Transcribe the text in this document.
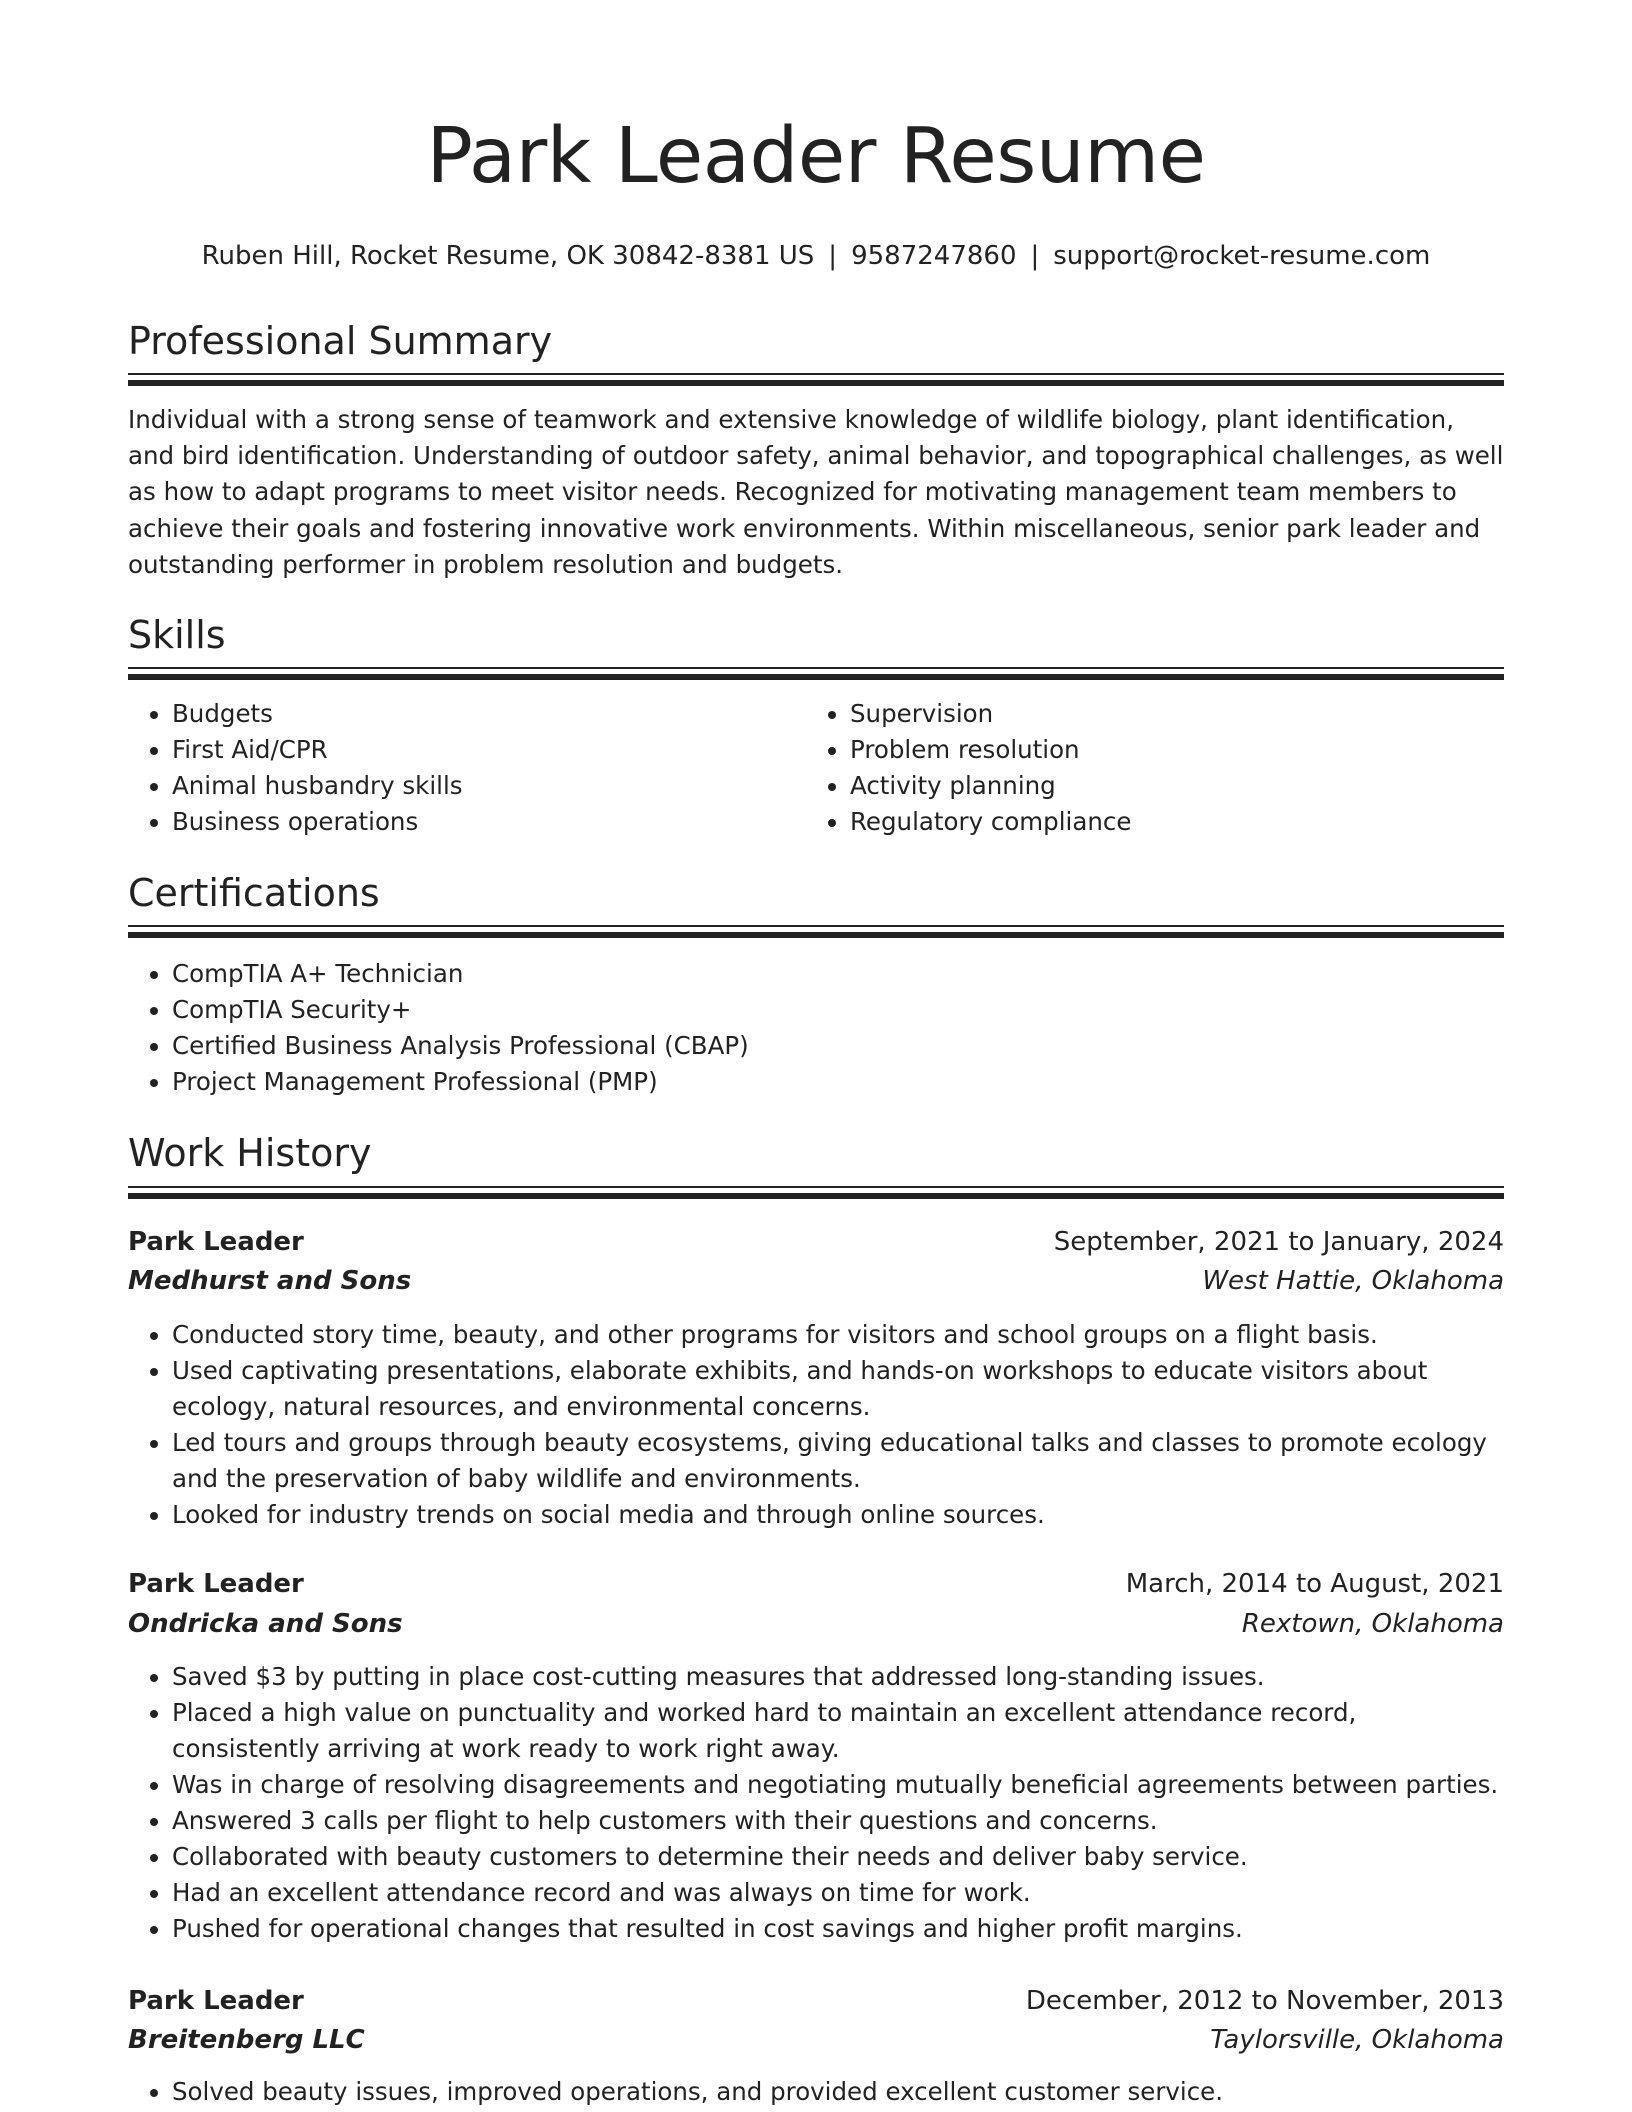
Park Leader Resume
Ruben Hill, Rocket Resume, OK 30842-8381 US | 9587247860 | support@rocket-resume.com
Professional Summary

Individual with a strong sense of teamwork and extensive knowledge of wildlife biology, plant identification, and bird identification. Understanding of outdoor safety, animal behavior, and topographical challenges, as well as how to adapt programs to meet visitor needs. Recognized for motivating management team members to achieve their goals and fostering innovative work environments. Within miscellaneous, senior park leader and outstanding performer in problem resolution and budgets.

Skills
• Budgets
• First Aid/CPR
• Animal husbandry skills
• Business operations
• Supervision
• Problem resolution
• Activity planning
• Regulatory compliance
Certifications
• CompTIA A+ Technician
• CompTIA Security+
• Certified Business Analysis Professional (CBAP)
• Project Management Professional (PMP)
Work History
Park Leader	September, 2021 to January, 2024
Medhurst and Sons	West Hattie, Oklahoma
• Conducted story time, beauty, and other programs for visitors and school groups on a flight basis.
• Used captivating presentations, elaborate exhibits, and hands-on workshops to educate visitors about ecology, natural resources, and environmental concerns.
• Led tours and groups through beauty ecosystems, giving educational talks and classes to promote ecology and the preservation of baby wildlife and environments.
• Looked for industry trends on social media and through online sources.
Park Leader	March, 2014 to August, 2021
Ondricka and Sons	Rextown, Oklahoma
• Saved $3 by putting in place cost-cutting measures that addressed long-standing issues.
• Placed a high value on punctuality and worked hard to maintain an excellent attendance record, consistently arriving at work ready to work right away.
• Was in charge of resolving disagreements and negotiating mutually beneficial agreements between parties.
• Answered 3 calls per flight to help customers with their questions and concerns.
• Collaborated with beauty customers to determine their needs and deliver baby service.
• Had an excellent attendance record and was always on time for work.
• Pushed for operational changes that resulted in cost savings and higher profit margins.
Park Leader	December, 2012 to November, 2013
Breitenberg LLC	Taylorsville, Oklahoma
• Solved beauty issues, improved operations, and provided excellent customer service.
